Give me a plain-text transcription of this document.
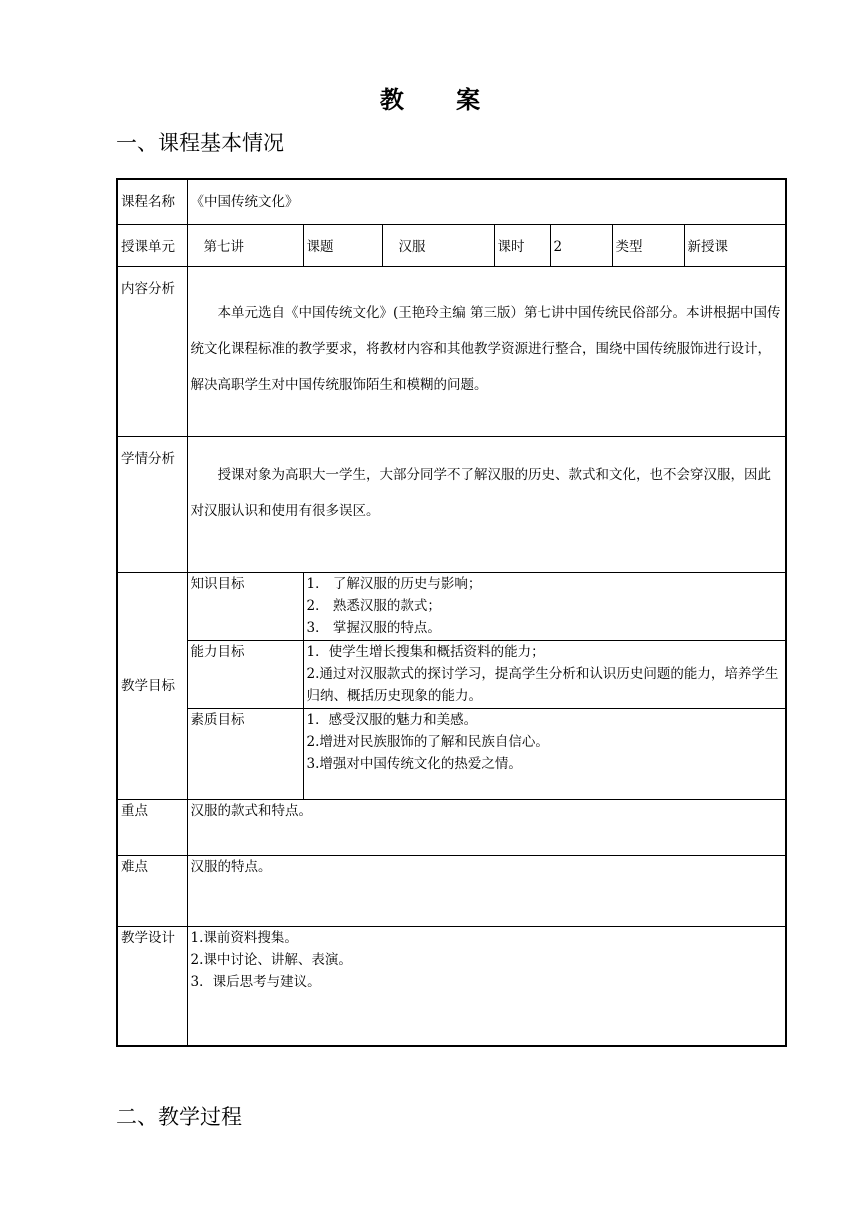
教 案
一、课程基本情况
课程名称	《中国传统文化》						
授课单元	第七讲	课题	汉服	课时	2	类型	新授课
内容分析	本单元选自《中国传统文化》(王艳玲主编 第三版）第七讲中国传统民俗部分。本讲根据中国传统文化课程标准的教学要求，将教材内容和其他教学资源进行整合，围绕中国传统服饰进行设计，解决高职学生对中国传统服饰陌生和模糊的问题。						

学情分析	授课对象为高职大一学生，大部分同学不了解汉服的历史、款式和文化，也不会穿汉服，因此对汉服认识和使用有很多误区。						

教学目标	知识目标	1． 了解汉服的历史与影响；
2． 熟悉汉服的款式；
3． 掌握汉服的特点。					

	能力目标	1．使学生增长搜集和概括资料的能力；
2.通过对汉服款式的探讨学习，提高学生分析和认识历史问题的能力，培养学生归纳、概括历史现象的能力。					

	素质目标	1．感受汉服的魅力和美感。
2.增进对民族服饰的了解和民族自信心。
3.增强对中国传统文化的热爱之情。					

重点	汉服的款式和特点。						
难点	汉服的特点。						
教学设计	1.课前资料搜集。
2.课中讨论、讲解、表演。
3．课后思考与建议。						
二、教学过程
